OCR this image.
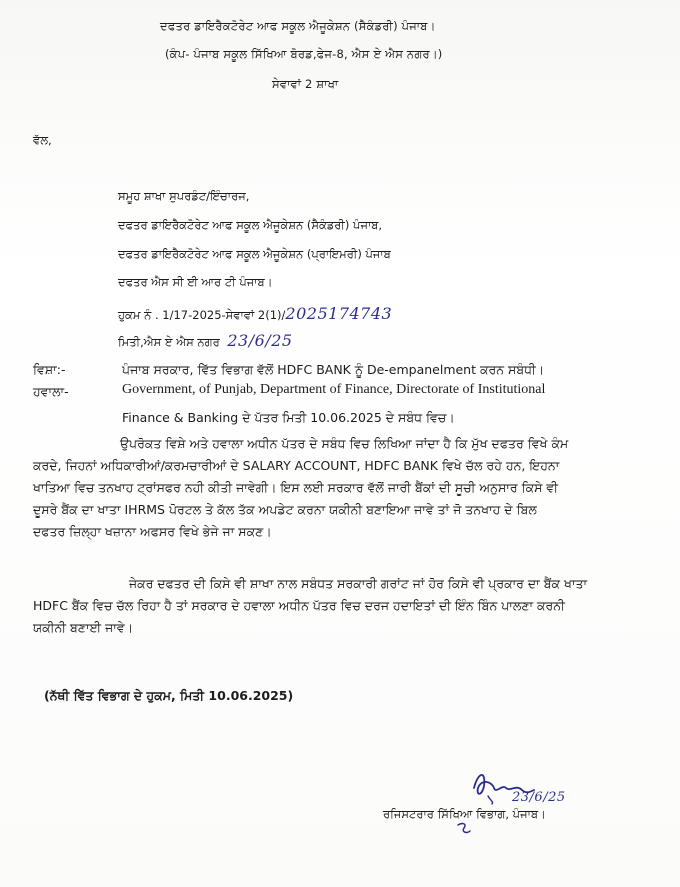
ਦਫਤਰ ਡਾਇਰੈਕਟੋਰੇਟ ਆਫ ਸਕੂਲ ਐਜੂਕੇਸ਼ਨ (ਸੈਕੰਡਰੀ) ਪੰਜਾਬ।
(ਕੰਪ- ਪੰਜਾਬ ਸਕੂਲ ਸਿੱਖਿਆ ਬੋਰਡ,ਫੇਜ-8, ਐਸ ਏ ਐਸ ਨਗਰ।)
ਸੇਵਾਵਾਂ 2 ਸ਼ਾਖਾ
ਵੱਲ,
ਸਮੂਹ ਸ਼ਾਖਾ ਸੁਪਰਡੰਟ/ਇੰਚਾਰਜ,
ਦਫਤਰ ਡਾਇਰੈਕਟੋਰੇਟ ਆਫ ਸਕੂਲ ਐਜੂਕੇਸ਼ਨ (ਸੈਕੰਡਰੀ) ਪੰਜਾਬ,
ਦਫਤਰ ਡਾਇਰੈਕਟੋਰੇਟ ਆਫ ਸਕੂਲ ਐਜੂਕੇਸ਼ਨ (ਪ੍ਰਾਇਮਰੀ) ਪੰਜਾਬ
ਦਫਤਰ ਐਸ ਸੀ ਈ ਆਰ ਟੀ ਪੰਜਾਬ।
ਹੁਕਮ ਨੰ . 1/17-2025-ਸੇਵਾਵਾਂ 2(1)/2025174743
ਮਿਤੀ,ਐਸ ਏ ਐਸ ਨਗਰ 23/6/25
ਵਿਸ਼ਾ:-	ਪੰਜਾਬ ਸਰਕਾਰ, ਵਿੱਤ ਵਿਭਾਗ ਵੱਲੋਂ HDFC BANK ਨੂੰ De-empanelment ਕਰਨ ਸਬੰਧੀ।
ਹਵਾਲਾ-	Government, of Punjab, Department of Finance, Directorate of Institutional
Finance & Banking ਦੇ ਪੱਤਰ ਮਿਤੀ 10.06.2025 ਦੇ ਸਬੰਧ ਵਿਚ।
ਉਪਰੋਕਤ ਵਿਸ਼ੇ ਅਤੇ ਹਵਾਲਾ ਅਧੀਨ ਪੱਤਰ ਦੇ ਸਬੰਧ ਵਿਚ ਲਿਖਿਆ ਜਾਂਦਾ ਹੈ ਕਿ ਮੁੱਖ ਦਫਤਰ ਵਿਖੇ ਕੰਮ
ਕਰਦੇ, ਜਿਹਨਾਂ ਅਧਿਕਾਰੀਆਂ/ਕਰਮਚਾਰੀਆਂ ਦੇ SALARY ACCOUNT, HDFC BANK ਵਿਖੇ ਚੱਲ ਰਹੇ ਹਨ, ਇਹਨਾ
ਖਾਤਿਆ ਵਿਚ ਤਨਖਾਹ ਟ੍ਰਾਂਸਫਰ ਨਹੀ ਕੀਤੀ ਜਾਵੇਗੀ। ਇਸ ਲਈ ਸਰਕਾਰ ਵੱਲੋਂ ਜਾਰੀ ਬੈਂਕਾਂ ਦੀ ਸੂਚੀ ਅਨੁਸਾਰ ਕਿਸੇ ਵੀ
ਦੂਸਰੇ ਬੈਂਕ ਦਾ ਖਾਤਾ IHRMS ਪੋਰਟਲ ਤੇ ਕੱਲ ਤੱਕ ਅਪਡੇਟ ਕਰਨਾ ਯਕੀਨੀ ਬਣਾਇਆ ਜਾਵੇ ਤਾਂ ਜੋ ਤਨਖਾਹ ਦੇ ਬਿਲ
ਦਫਤਰ ਜ਼ਿਲ੍ਹਾ ਖਜ਼ਾਨਾ ਅਫਸਰ ਵਿਖੇ ਭੇਜੇ ਜਾ ਸਕਣ।
ਜੇਕਰ ਦਫਤਰ ਦੀ ਕਿਸੇ ਵੀ ਸ਼ਾਖਾ ਨਾਲ ਸਬੰਧਤ ਸਰਕਾਰੀ ਗਰਾਂਟ ਜਾਂ ਹੋਰ ਕਿਸੇ ਵੀ ਪ੍ਰਕਾਰ ਦਾ ਬੈਂਕ ਖਾਤਾ
HDFC ਬੈਂਕ ਵਿਚ ਚੱਲ ਰਿਹਾ ਹੈ ਤਾਂ ਸਰਕਾਰ ਦੇ ਹਵਾਲਾ ਅਧੀਨ ਪੱਤਰ ਵਿਚ ਦਰਜ ਹਦਾਇਤਾਂ ਦੀ ਇੰਨ ਬਿੰਨ ਪਾਲਣਾ ਕਰਨੀ
ਯਕੀਨੀ ਬਣਾਈ ਜਾਵੇ।
(ਨੱਥੀ ਵਿੱਤ ਵਿਭਾਗ ਦੇ ਹੁਕਮ, ਮਿਤੀ 10.06.2025)
23/6/25
ਰਜਿਸਟਰਾਰ ਸਿੱਖਿਆ ਵਿਭਾਗ, ਪੰਜਾਬ।
